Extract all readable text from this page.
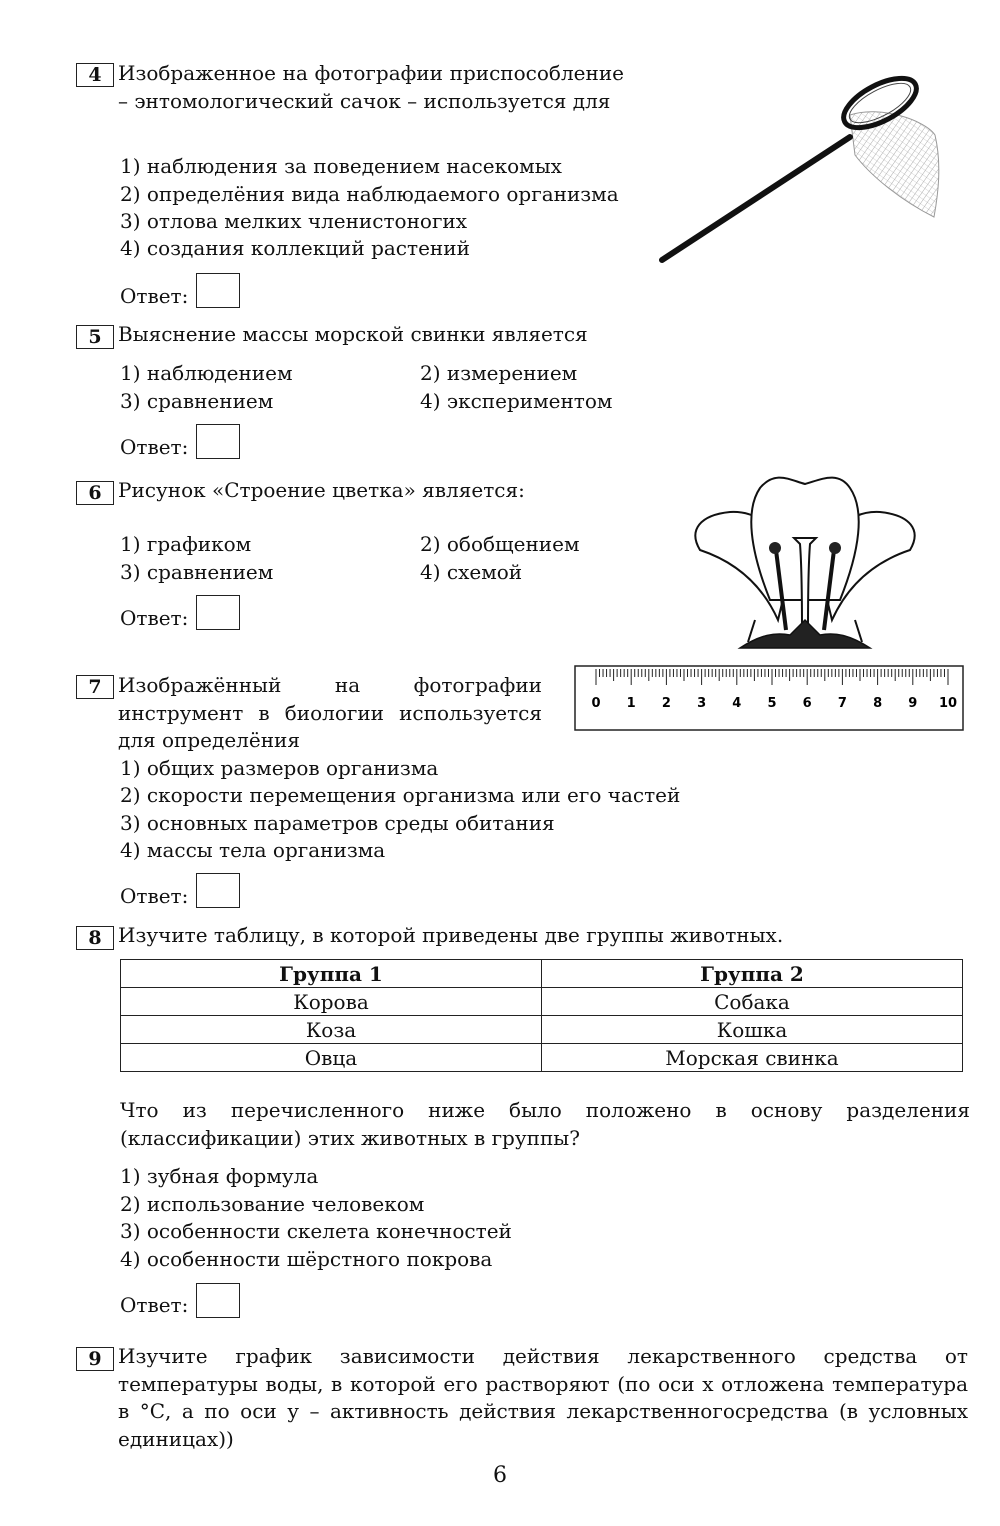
4 Изображенное на фотографии приспособление – энтомологический сачок – используется для
1) наблюдения за поведением насекомых
2) определёния вида наблюдаемого организма
3) отлова мелких членистоногих
4) создания коллекций растений
Ответ:
5 Выяснение массы морской свинки является
1) наблюдением	2) измерением
3) сравнением	4) экспериментом
Ответ:
6 Рисунок «Строение цветка» является:
1) графиком	2) обобщением
3) сравнением	4) схемой
Ответ:
7 Изображённый на фотографии инструмент в биологии используется для определёния
1) общих размеров организма
2) скорости перемещения организма или его частей
3) основных параметров среды обитания
4) массы тела организма
Ответ:
0 1 2 3 4 5 6 7 8 9 10
8 Изучите таблицу, в которой приведены две группы животных.
Группа 1	Группа 2
Корова	Собака
Коза	Кошка
Овца	Морская свинка
Что из перечисленного ниже было положено в основу разделения (классификации) этих животных в группы?
1) зубная формула
2) использование человеком
3) особенности скелета конечностей
4) особенности шёрстного покрова
Ответ:
9 Изучите график зависимости действия лекарственного средства от температуры воды, в которой его растворяют (по оси x отложена температура в °С, а по оси у – активность действия лекарственногосредства (в условных единицах))
6
